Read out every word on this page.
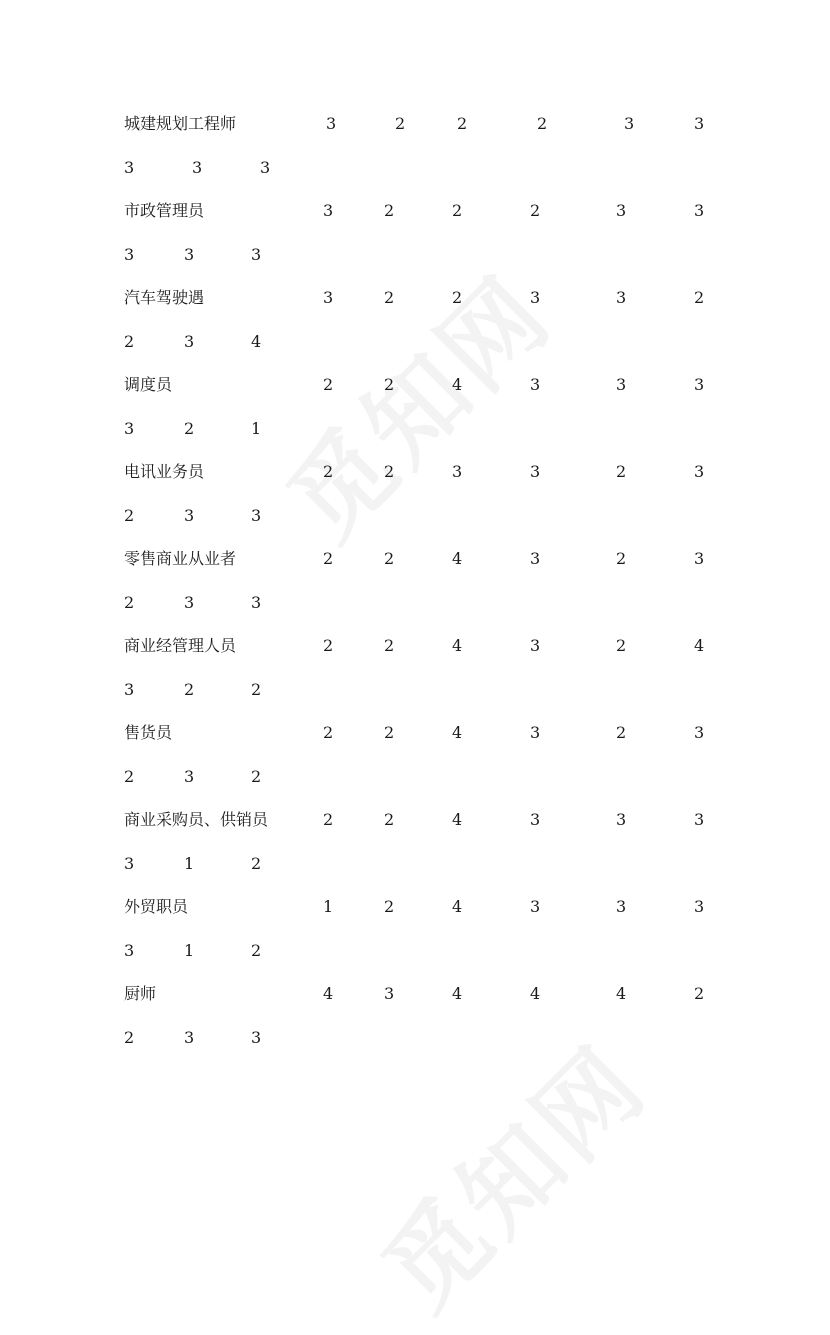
城建规划工程师	3	2	2	2	3	3
3	3	3
市政管理员	3	2	2	2	3	3
3	3	3
汽车驾驶遇	3	2	2	3	3	2
2	3	4
调度员	2	2	4	3	3	3
3	2	1
电讯业务员	2	2	3	3	2	3
2	3	3
零售商业从业者	2	2	4	3	2	3
2	3	3
商业经管理人员	2	2	4	3	2	4
3	2	2
售货员	2	2	4	3	2	3
2	3	2
商业采购员、供销员	2	2	4	3	3	3
3	1	2
外贸职员	1	2	4	3	3	3
3	1	2
厨师	4	3	4	4	4	2
2	3	3
